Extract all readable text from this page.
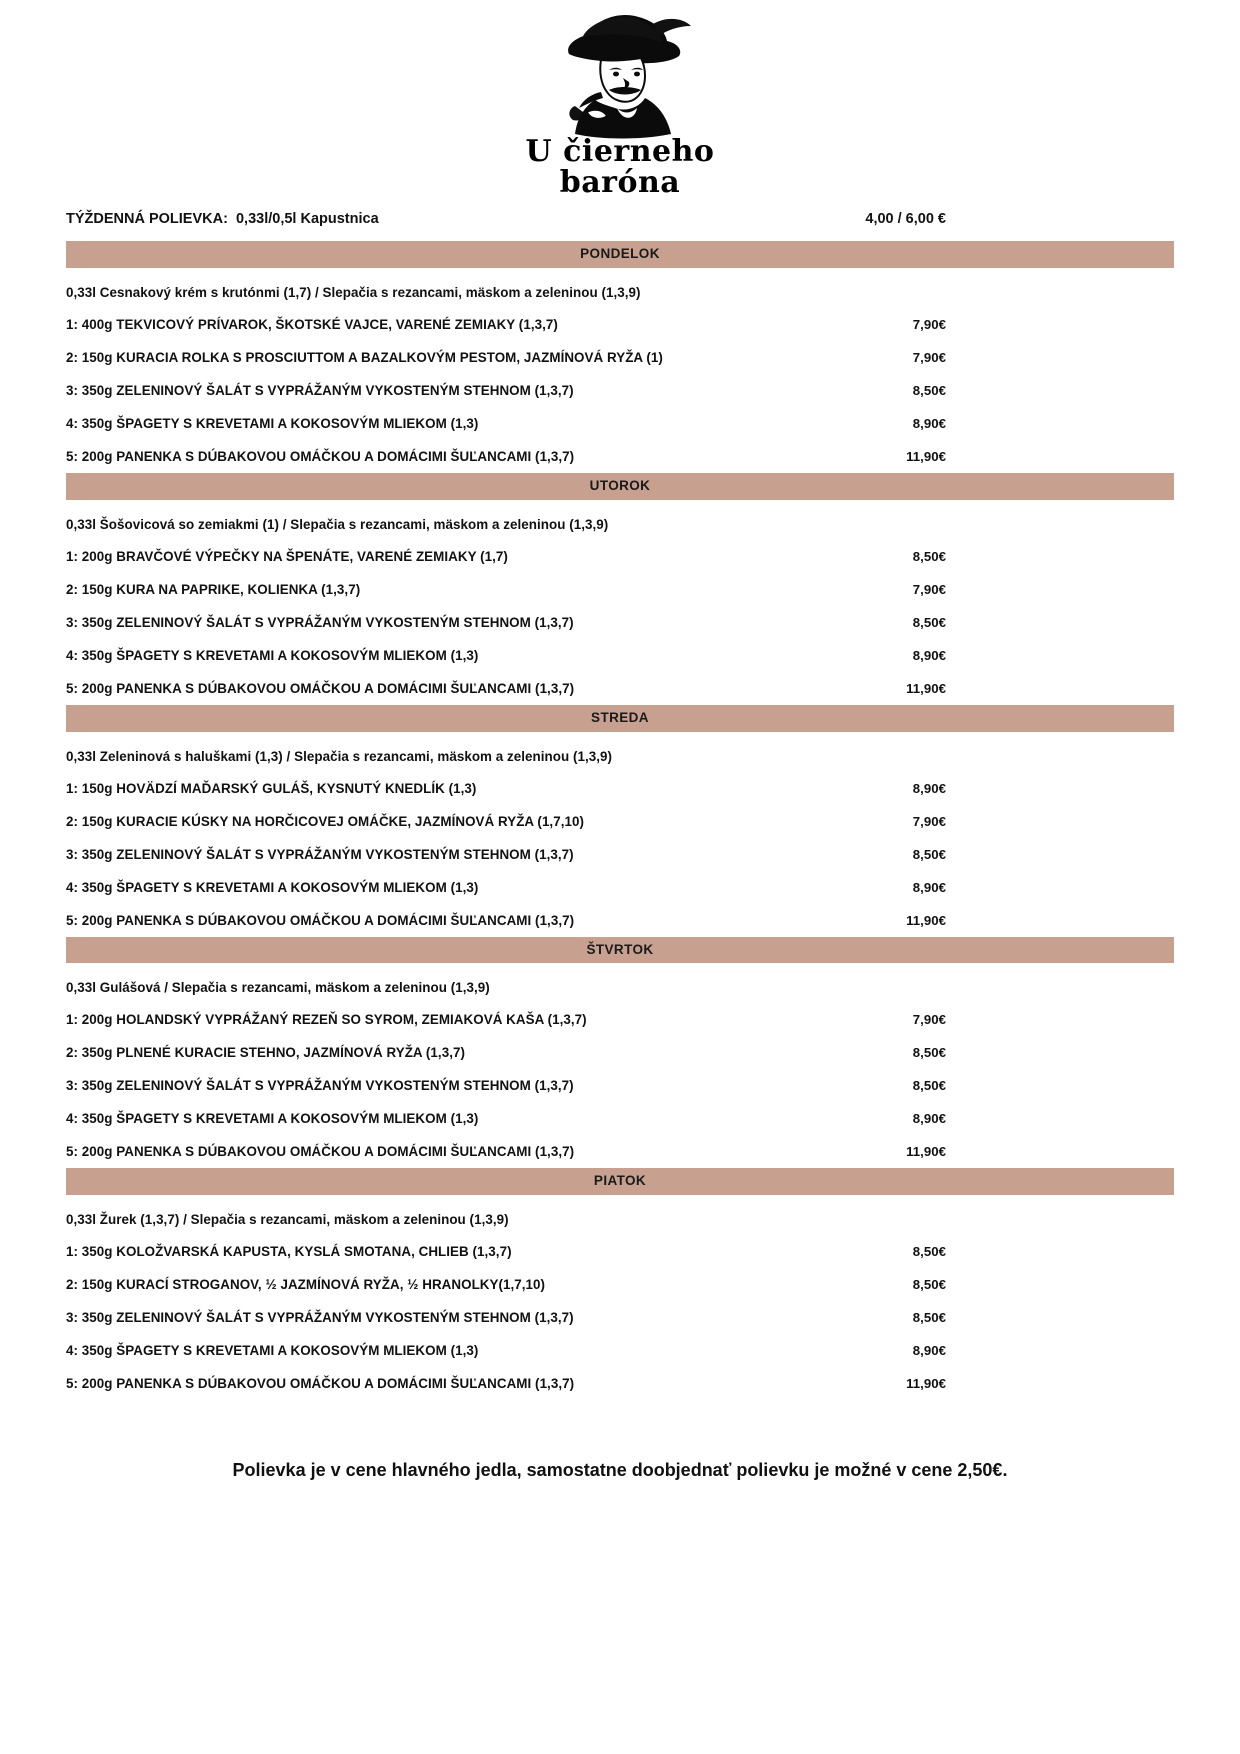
U čierneho
baróna
TÝŽDENNÁ POLIEVKA: 0,33l/0,5l Kapustnica	4,00 / 6,00 €
PONDELOK
0,33l Cesnakový krém s krutónmi (1,7) / Slepačia s rezancami, mäskom a zeleninou (1,3,9)
1: 400g TEKVICOVÝ PRÍVAROK, ŠKOTSKÉ VAJCE, VARENÉ ZEMIAKY (1,3,7)	7,90€
2: 150g KURACIA ROLKA S PROSCIUTTOM A BAZALKOVÝM PESTOM, JAZMÍNOVÁ RYŽA (1)	7,90€
3: 350g ZELENINOVÝ ŠALÁT S VYPRÁŽANÝM VYKOSTENÝM STEHNOM (1,3,7)	8,50€
4: 350g ŠPAGETY S KREVETAMI A KOKOSOVÝM MLIEKOM (1,3)	8,90€
5: 200g PANENKA S DÚBAKOVOU OMÁČKOU A DOMÁCIMI ŠUĽANCAMI (1,3,7)	11,90€
UTOROK
0,33l Šošovicová so zemiakmi (1) / Slepačia s rezancami, mäskom a zeleninou (1,3,9)
1: 200g BRAVČOVÉ VÝPEČKY NA ŠPENÁTE, VARENÉ ZEMIAKY (1,7)	8,50€
2: 150g KURA NA PAPRIKE, KOLIENKA (1,3,7)	7,90€
3: 350g ZELENINOVÝ ŠALÁT S VYPRÁŽANÝM VYKOSTENÝM STEHNOM (1,3,7)	8,50€
4: 350g ŠPAGETY S KREVETAMI A KOKOSOVÝM MLIEKOM (1,3)	8,90€
5: 200g PANENKA S DÚBAKOVOU OMÁČKOU A DOMÁCIMI ŠUĽANCAMI (1,3,7)	11,90€
STREDA
0,33l Zeleninová s haluškami (1,3) / Slepačia s rezancami, mäskom a zeleninou (1,3,9)
1: 150g HOVÄDZÍ MAĎARSKÝ GULÁŠ, KYSNUTÝ KNEDLÍK (1,3)	8,90€
2: 150g KURACIE KÚSKY NA HORČICOVEJ OMÁČKE, JAZMÍNOVÁ RYŽA (1,7,10)	7,90€
3: 350g ZELENINOVÝ ŠALÁT S VYPRÁŽANÝM VYKOSTENÝM STEHNOM (1,3,7)	8,50€
4: 350g ŠPAGETY S KREVETAMI A KOKOSOVÝM MLIEKOM (1,3)	8,90€
5: 200g PANENKA S DÚBAKOVOU OMÁČKOU A DOMÁCIMI ŠUĽANCAMI (1,3,7)	11,90€
ŠTVRTOK
0,33l Gulášová / Slepačia s rezancami, mäskom a zeleninou (1,3,9)
1: 200g HOLANDSKÝ VYPRÁŽANÝ REZEŇ SO SYROM, ZEMIAKOVÁ KAŠA (1,3,7)	7,90€
2: 350g PLNENÉ KURACIE STEHNO, JAZMÍNOVÁ RYŽA (1,3,7)	8,50€
3: 350g ZELENINOVÝ ŠALÁT S VYPRÁŽANÝM VYKOSTENÝM STEHNOM (1,3,7)	8,50€
4: 350g ŠPAGETY S KREVETAMI A KOKOSOVÝM MLIEKOM (1,3)	8,90€
5: 200g PANENKA S DÚBAKOVOU OMÁČKOU A DOMÁCIMI ŠUĽANCAMI (1,3,7)	11,90€
PIATOK
0,33l Žurek (1,3,7) / Slepačia s rezancami, mäskom a zeleninou (1,3,9)
1: 350g KOLOŽVARSKÁ KAPUSTA, KYSLÁ SMOTANA, CHLIEB (1,3,7)	8,50€
2: 150g KURACÍ STROGANOV, ½ JAZMÍNOVÁ RYŽA, ½ HRANOLKY(1,7,10)	8,50€
3: 350g ZELENINOVÝ ŠALÁT S VYPRÁŽANÝM VYKOSTENÝM STEHNOM (1,3,7)	8,50€
4: 350g ŠPAGETY S KREVETAMI A KOKOSOVÝM MLIEKOM (1,3)	8,90€
5: 200g PANENKA S DÚBAKOVOU OMÁČKOU A DOMÁCIMI ŠUĽANCAMI (1,3,7)	11,90€
Polievka je v cene hlavného jedla, samostatne doobjednať polievku je možné v cene 2,50€.
